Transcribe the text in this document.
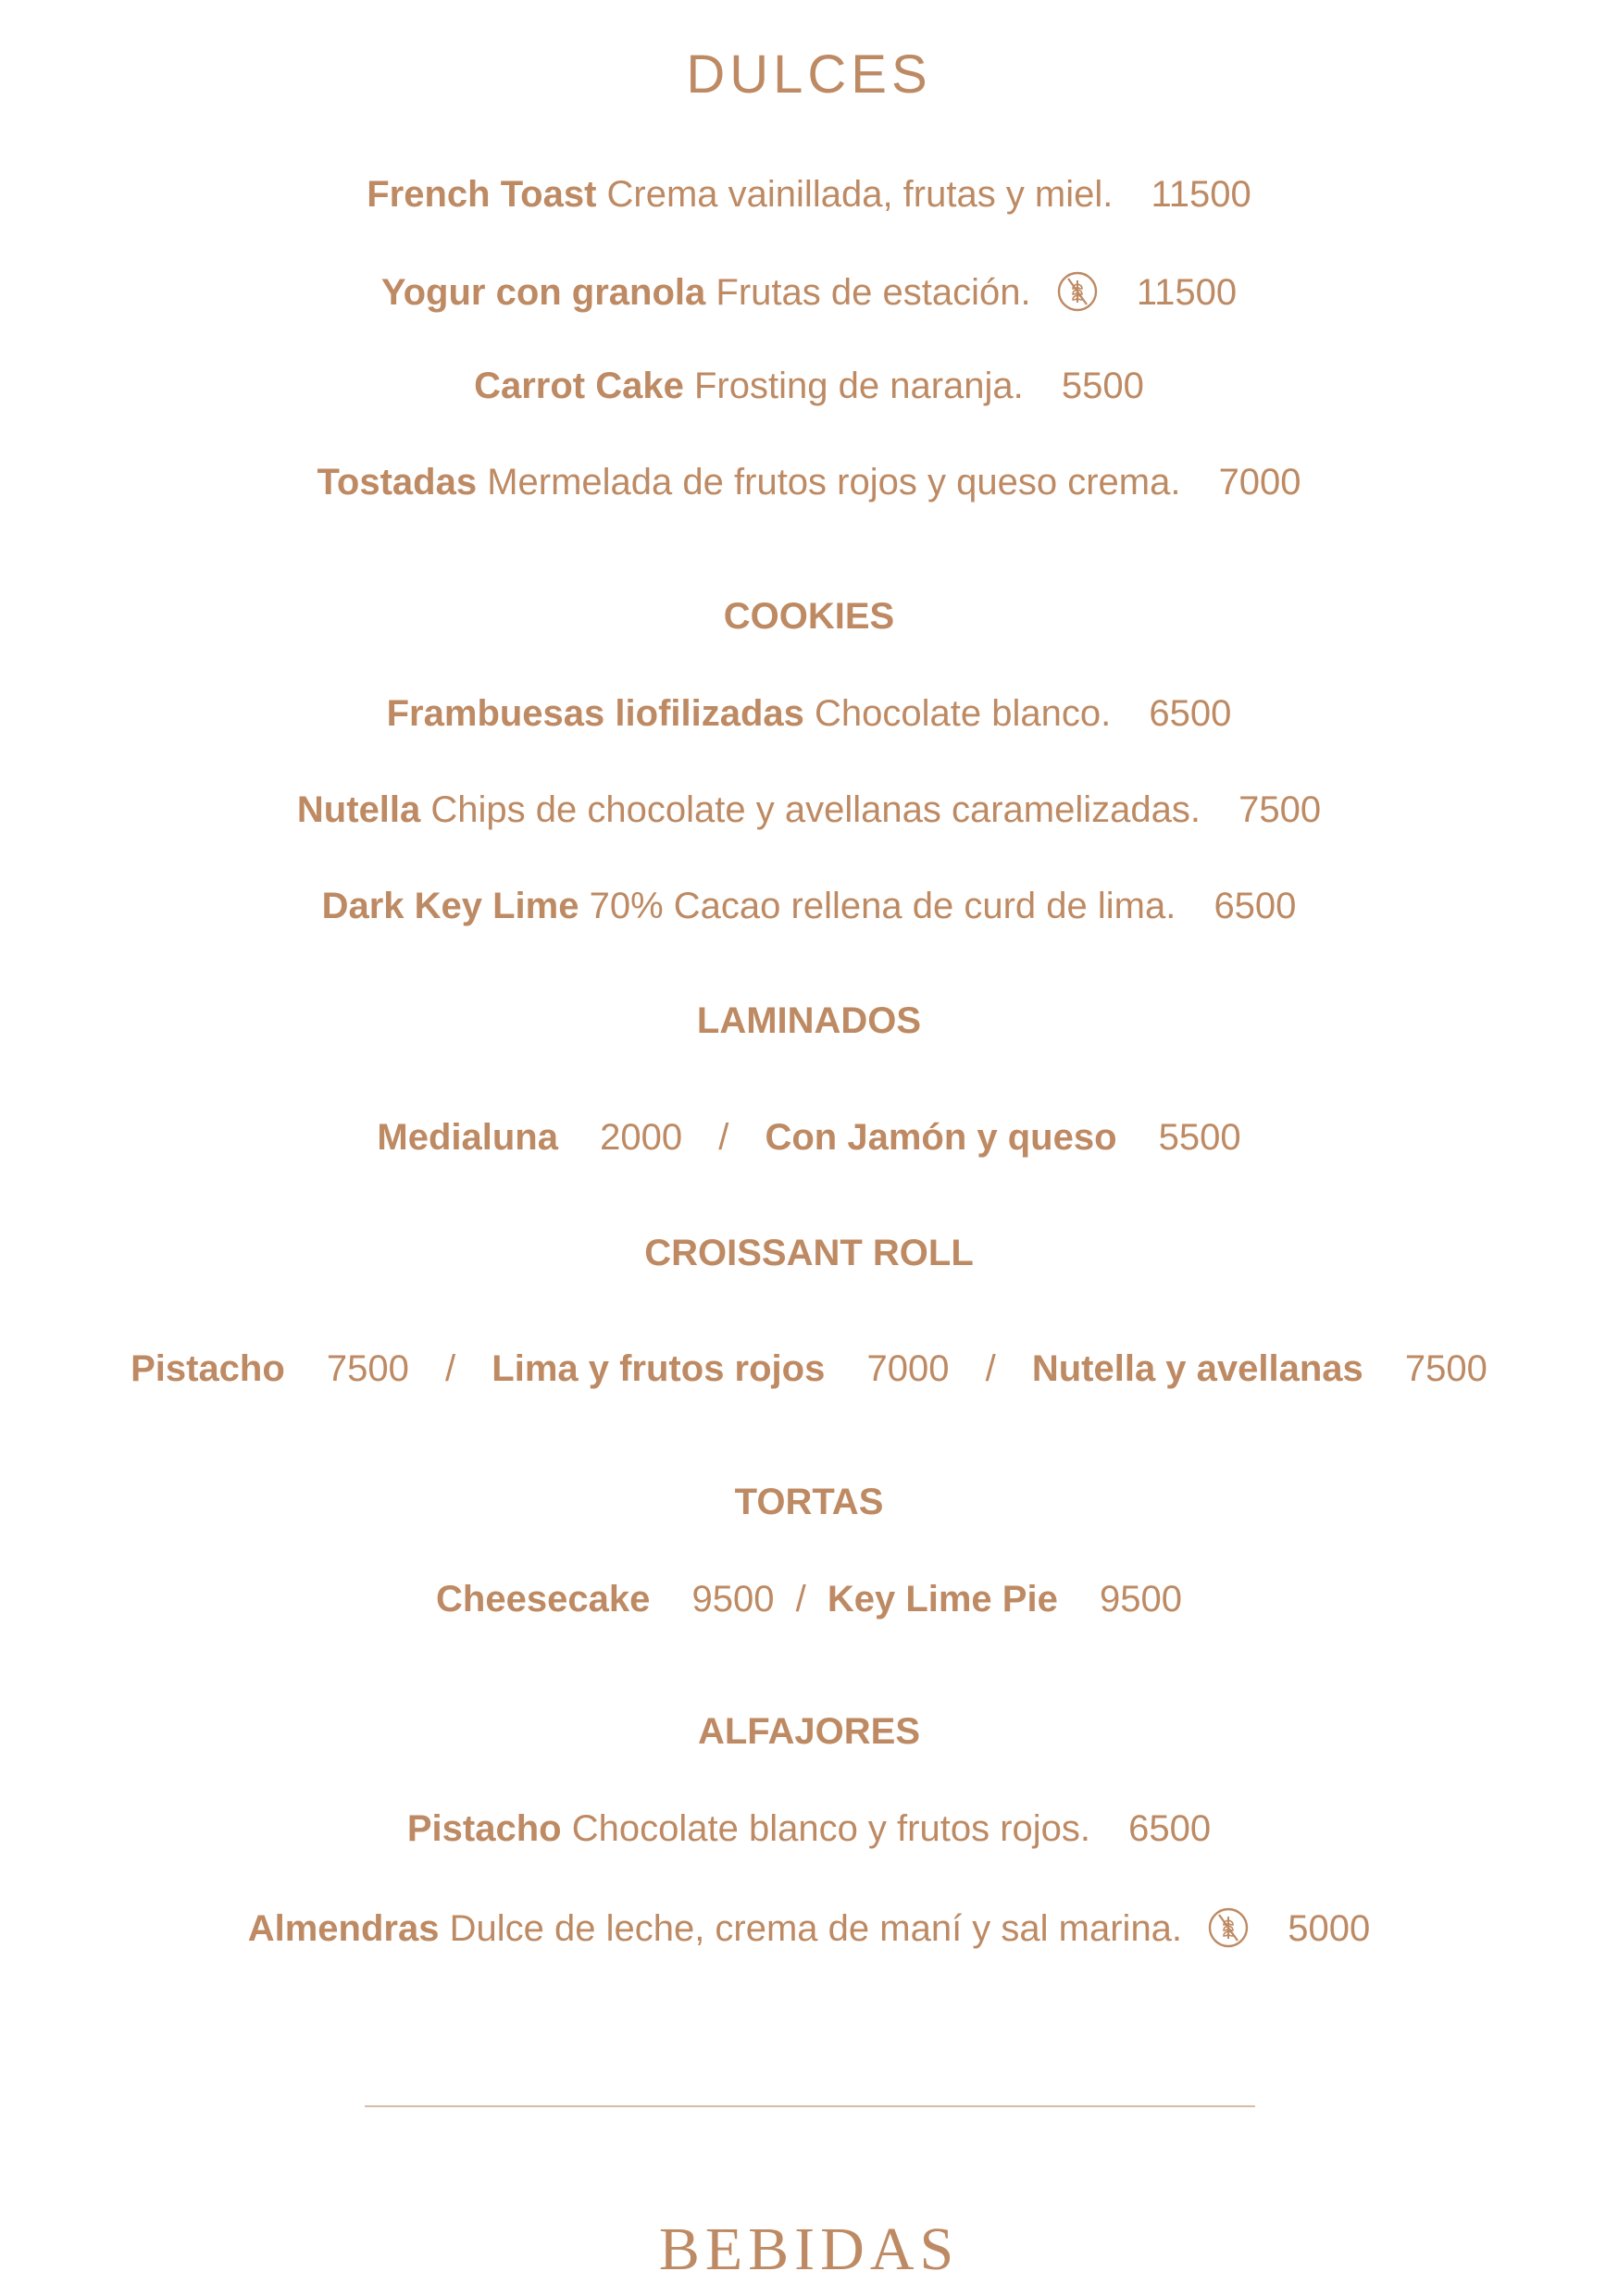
DULCES
French Toast Crema vainillada, frutas y miel. 11500
Yogur con granola Frutas de estación.	11500
Carrot Cake Frosting de naranja. 5500
Tostadas Mermelada de frutos rojos y queso crema. 7000
COOKIES
Frambuesas liofilizadas Chocolate blanco. 6500
Nutella Chips de chocolate y avellanas caramelizadas. 7500
Dark Key Lime 70% Cacao rellena de curd de lima. 6500
LAMINADOS
Medialuna 2000 / Con Jamón y queso 5500
CROISSANT ROLL
Pistacho 7500 / Lima y frutos rojos 7000 / Nutella y avellanas 7500
TORTAS
Cheesecake 9500 / Key Lime Pie 9500
ALFAJORES
Pistacho Chocolate blanco y frutos rojos. 6500
Almendras Dulce de leche, crema de maní y sal marina.	5000
BEBIDAS
